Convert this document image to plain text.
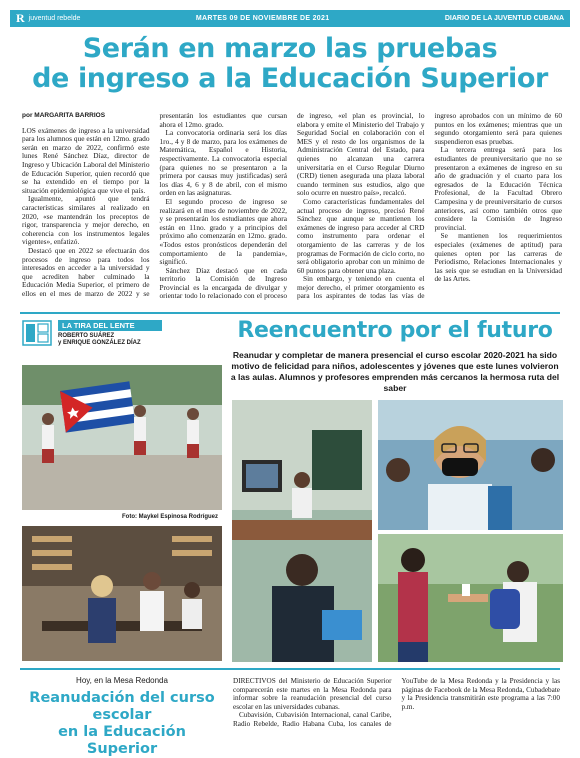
R juventud rebelde	MARTES 09 DE NOVIEMBRE DE 2021	DIARIO DE LA JUVENTUD CUBANA
Serán en marzo las pruebas
de ingreso a la Educación Superior
por MARGARITA BARRIOS

LOS exámenes de ingreso a la universidad para los alumnos que están en 12mo. grado serán en marzo de 2022, confirmó este lunes René Sánchez Díaz, director de Ingreso y Ubicación Laboral del Ministerio de Educación Superior, quien recordó que se ha extendido en el tiempo por la situación epidemiológica que vive el país.

Igualmente, apuntó que tendrá características similares al realizado en 2020, «se mantendrán los preceptos de rigor, transparencia y mejor derecho, en coherencia con los instrumentos legales vigentes», enfatizó.

Destacó que en 2022 se efectuarán dos procesos de ingreso para todos los interesados en acceder a la universidad y que acrediten haber culminado la Educación Media Superior, el primero de ellos en el mes de marzo de 2022 y se presentarán los estudiantes que cursan ahora el 12mo. grado.

La convocatoria ordinaria será los días 1ro., 4 y 8 de marzo, para los exámenes de Matemática, Español e Historia, respectivamente. La convocatoria especial (para quienes no se presentaron a la primera por causas muy justificadas) será los días 4, 6 y 8 de abril, con el mismo orden en las asignaturas.

El segundo proceso de ingreso se realizará en el mes de noviembre de 2022, y se presentarán los estudiantes que ahora están en 11no. grado y a principios del próximo año comenzarán en 12mo. grado. «Todos estos pronósticos dependerán del comportamiento de la pandemia», significó.

Sánchez Díaz destacó que en cada territorio la Comisión de Ingreso Provincial es la encargada de divulgar y orientar todo lo relacionado con el proceso de ingreso, «el plan es provincial, lo elabora y emite el Ministerio del Trabajo y Seguridad Social en colaboración con el MES y el resto de los organismos de la Administración Central del Estado, para quienes no alcanzan una carrera universitaria en el Curso Regular Diurno (CRD) tienen asegurada una plaza laboral cuando terminen sus estudios, algo que solo ocurre en nuestro país», recalcó.

Como características fundamentales del actual proceso de ingreso, precisó René Sánchez que aunque se mantienen los exámenes de ingreso para acceder al CRD como instrumento para ordenar el otorgamiento de las carreras y de los programas de Formación de ciclo corto, no será obligatorio aprobar con un mínimo de 60 puntos para obtener una plaza.

Sin embargo, y teniendo en cuenta el mejor derecho, el primer otorgamiento es para los aspirantes de todas las vías de ingreso aprobados con un mínimo de 60 puntos en los exámenes; mientras que un segundo otorgamiento será para quienes suspendieron esas pruebas.

La tercera entrega será para los estudiantes de preuniversitario que no se presentaron a exámenes de ingreso en su año de graduación y el cuarto para los egresados de la Educación Técnica Profesional, de la Facultad Obrero Campesina y de preuniversitario de cursos anteriores, así como también otros que considere la Comisión de Ingreso provincial.

Se mantienen los requerimientos especiales (exámenes de aptitud) para quienes opten por las carreras de Periodismo, Relaciones Internacionales y las seis que se estudian en la Universidad de las Artes.

LA TIRA DEL LENTE
ROBERTO SUÁREZ
y ENRIQUE GONZÁLEZ DÍAZ	Reencuentro por el futuro

Reanudar y completar de manera presencial el curso escolar 2020-2021 ha sido motivo de felicidad para niños, adolescentes y jóvenes que este lunes volvieron a las aulas. Alumnos y profesores emprenden más cercanos la hermosa ruta del saber

Foto: Maykel Espinosa Rodríguez
Hoy, en la Mesa Redonda
Reanudación del curso escolar
en la Educación Superior

DIRECTIVOS del Ministerio de Educación Superior comparecerán este martes en la Mesa Redonda para informar sobre la reanudación presencial del curso escolar en las universidades cubanas.

Cubavisión, Cubavisión Internacional, canal Caribe, Radio Rebelde, Radio Habana Cuba, los canales de YouTube de la Mesa Redonda y la Presidencia y las páginas de Facebook de la Mesa Redonda, Cubadebate y la Presidencia transmitirán este programa a las 7:00 p.m.
